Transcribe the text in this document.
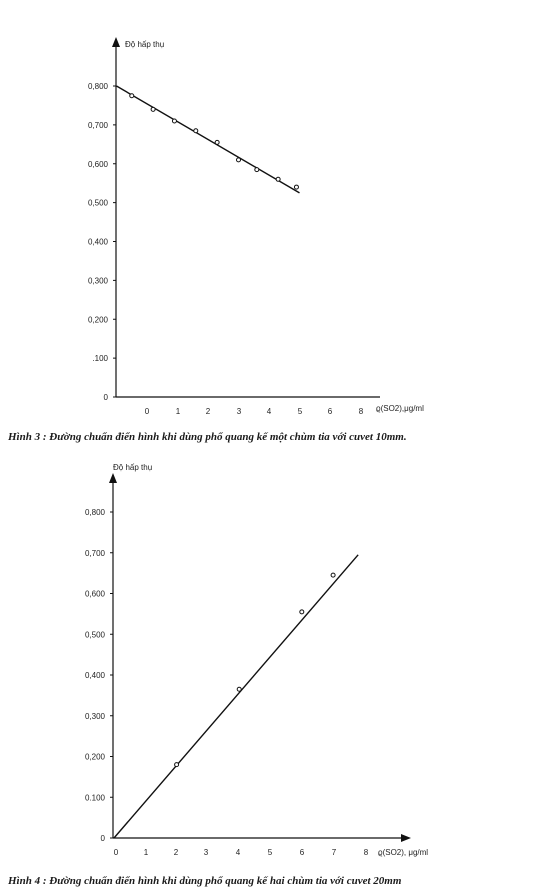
Độ hấp thụ
ϱ(SO2),μg/ml
0
.100
0,200
0,300
0,400
0,500
0,600
0,700
0,800
0	1	2	3	4	5	6	8
Hình 3 : Đường chuẩn điển hình khi dùng phổ quang kế một chùm tia với cuvet 10mm.
Độ hấp thụ
ϱ(SO2), μg/ml
0
0.100
0,200
0,300
0,400
0,500
0,600
0,700
0,800
0	1	2	3	4	5	6	7	8
Hình 4 : Đường chuẩn điển hình khi dùng phổ quang kế hai chùm tia với cuvet 20mm
